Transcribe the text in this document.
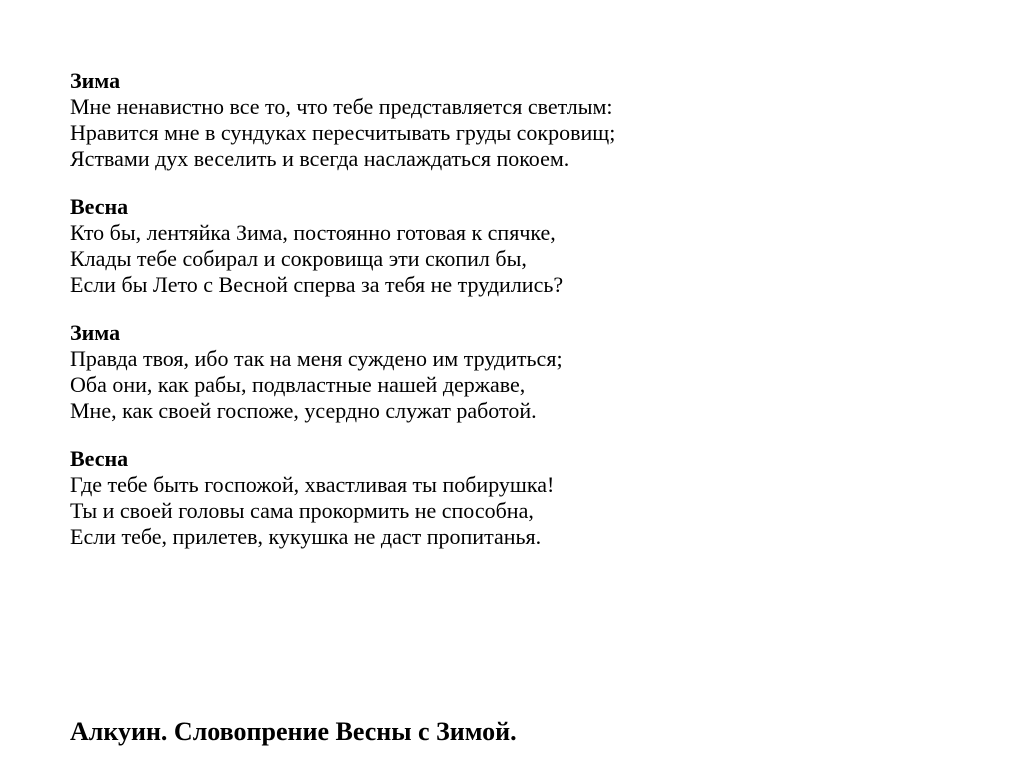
Зима
Мне ненавистно все то, что тебе представляется светлым:
Нравится мне в сундуках пересчитывать груды сокровищ;
Яствами дух веселить и всегда наслаждаться покоем.
Весна
Кто бы, лентяйка Зима, постоянно готовая к спячке,
Клады тебе собирал и сокровища эти скопил бы,
Если бы Лето с Весной сперва за тебя не трудились?
Зима
Правда твоя, ибо так на меня суждено им трудиться;
Оба они, как рабы, подвластные нашей державе,
Мне, как своей госпоже, усердно служат работой.
Весна
Где тебе быть госпожой, хвастливая ты побирушка!
Ты и своей головы сама прокормить не способна,
Если тебе, прилетев, кукушка не даст пропитанья.
Алкуин. Словопрение Весны с Зимой.
